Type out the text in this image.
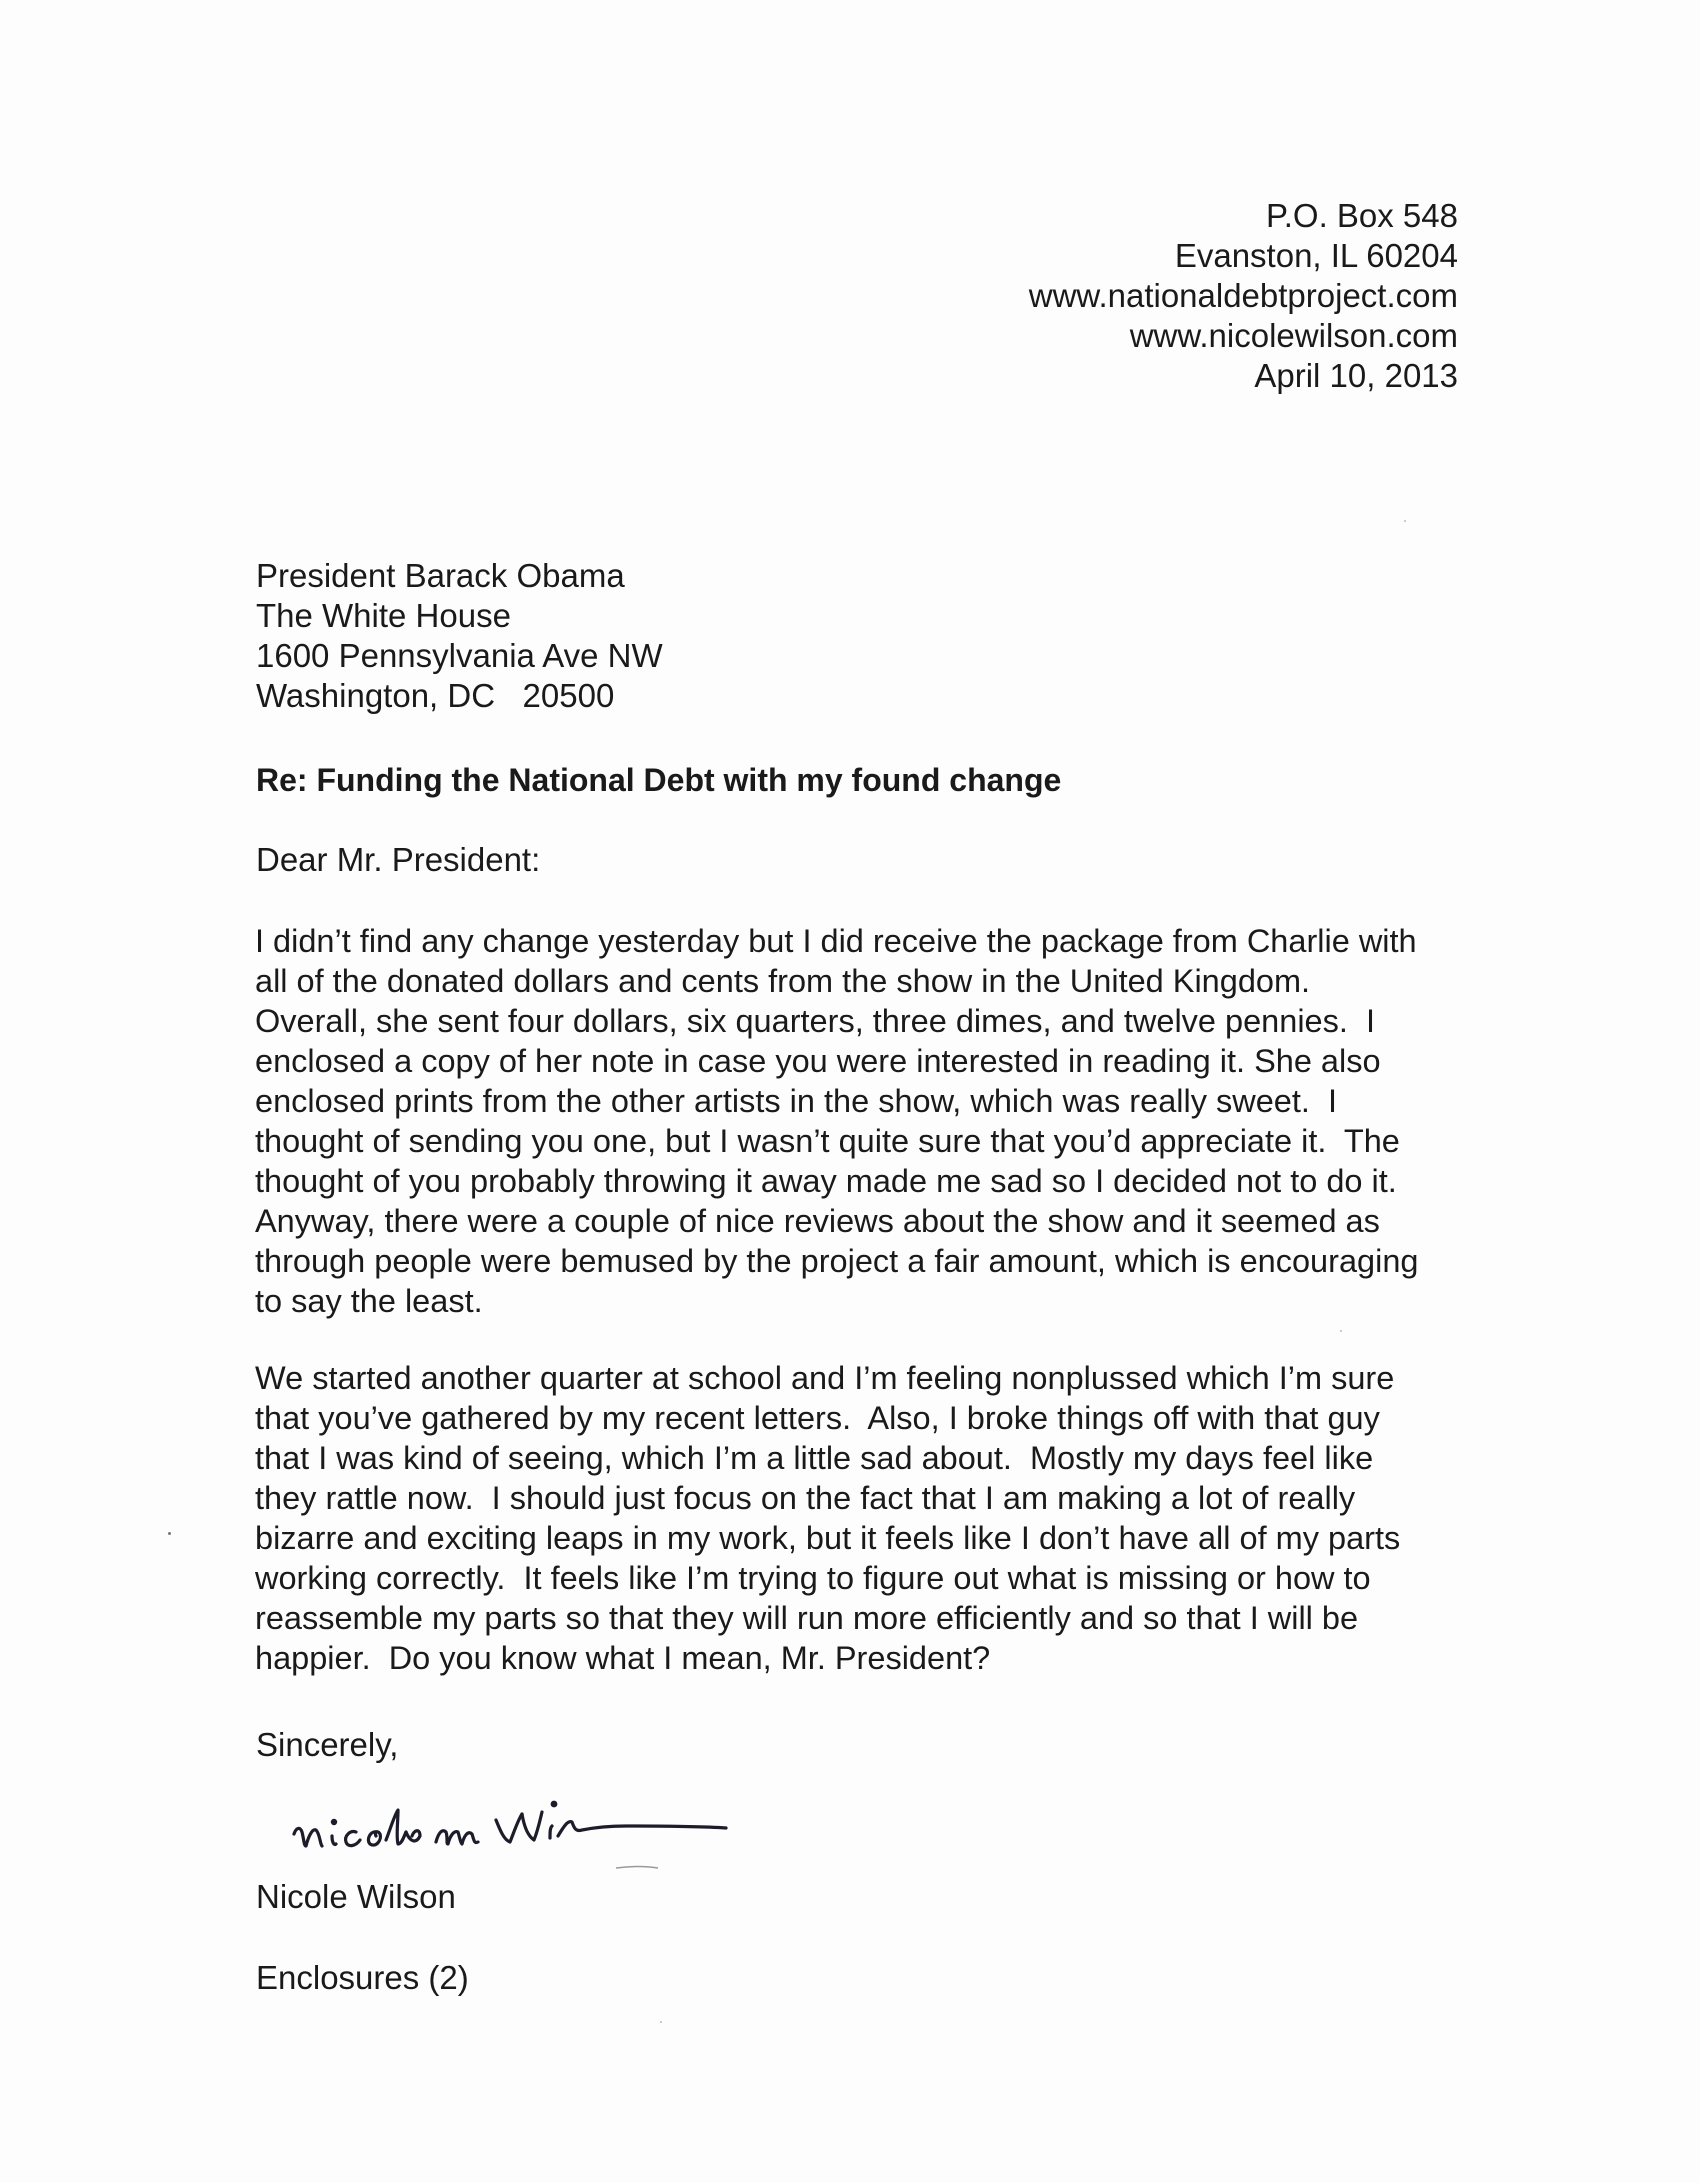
P.O. Box 548
Evanston, IL 60204
www.nationaldebtproject.com
www.nicolewilson.com
April 10, 2013
President Barack Obama
The White House
1600 Pennsylvania Ave NW
Washington, DC   20500
Re: Funding the National Debt with my found change
Dear Mr. President:
I didn’t find any change yesterday but I did receive the package from Charlie with
all of the donated dollars and cents from the show in the United Kingdom.
Overall, she sent four dollars, six quarters, three dimes, and twelve pennies.  I
enclosed a copy of her note in case you were interested in reading it. She also
enclosed prints from the other artists in the show, which was really sweet.  I
thought of sending you one, but I wasn’t quite sure that you’d appreciate it.  The
thought of you probably throwing it away made me sad so I decided not to do it.
Anyway, there were a couple of nice reviews about the show and it seemed as
through people were bemused by the project a fair amount, which is encouraging
to say the least.
We started another quarter at school and I’m feeling nonplussed which I’m sure
that you’ve gathered by my recent letters.  Also, I broke things off with that guy
that I was kind of seeing, which I’m a little sad about.  Mostly my days feel like
they rattle now.  I should just focus on the fact that I am making a lot of really
bizarre and exciting leaps in my work, but it feels like I don’t have all of my parts
working correctly.  It feels like I’m trying to figure out what is missing or how to
reassemble my parts so that they will run more efficiently and so that I will be
happier.  Do you know what I mean, Mr. President?
Sincerely,
Nicole Wilson
Enclosures (2)
